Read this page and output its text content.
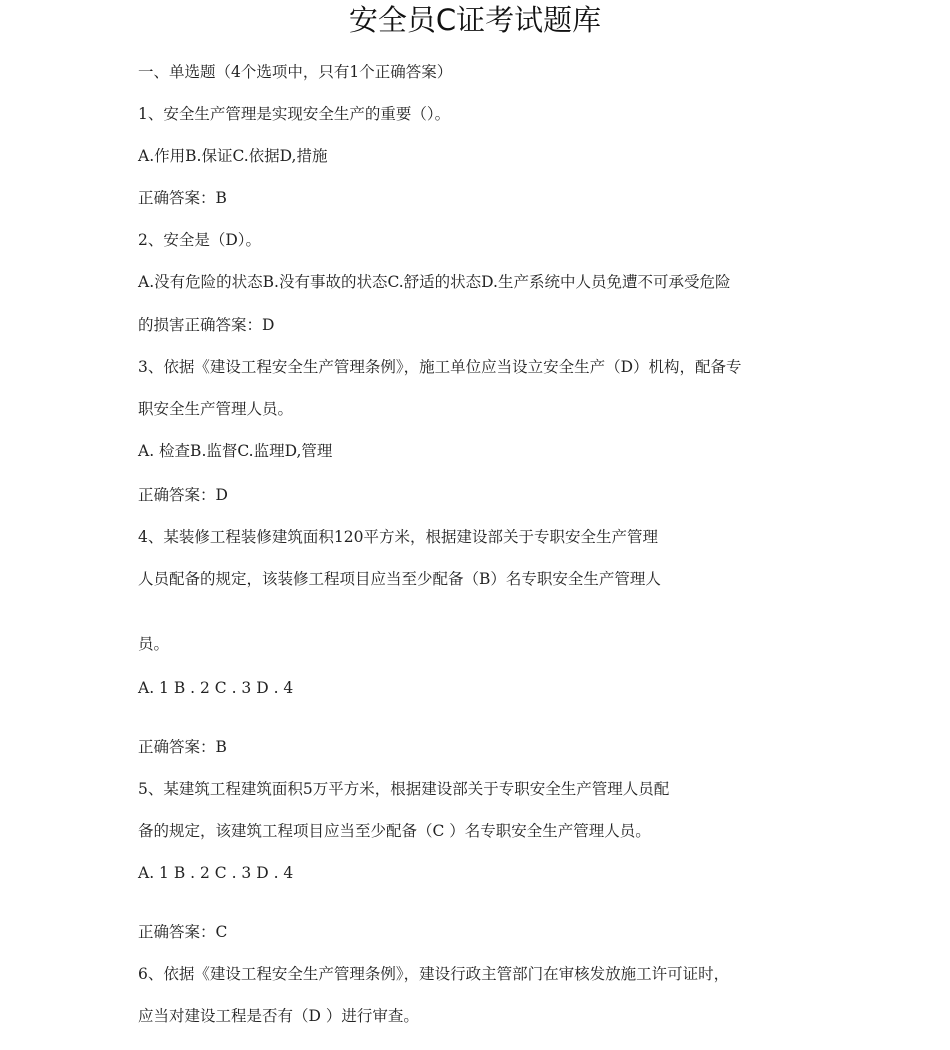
安全员C证考试题库
一、单选题（4个选项中，只有1个正确答案）
1、安全生产管理是实现安全生产的重要（）。
A.作用B.保证C.依据D,措施
正确答案：B
2、安全是（D）。
A.没有危险的状态B.没有事故的状态C.舒适的状态D.生产系统中人员免遭不可承受危险
的损害正确答案：D
3、依据《建设工程安全生产管理条例》，施工单位应当设立安全生产（D）机构，配备专
职安全生产管理人员。
A. 检查B.监督C.监理D,管理
正确答案：D
4、某装修工程装修建筑面积120平方米，根据建设部关于专职安全生产管理
人员配备的规定，该装修工程项目应当至少配备（B）名专职安全生产管理人
员。
A. 1 B . 2 C . 3 D . 4
正确答案：B
5、某建筑工程建筑面积5万平方米，根据建设部关于专职安全生产管理人员配
备的规定，该建筑工程项目应当至少配备（C ）名专职安全生产管理人员。
A. 1 B . 2 C . 3 D . 4
正确答案：C
6、依据《建设工程安全生产管理条例》，建设行政主管部门在审核发放施工许可证时，
应当对建设工程是否有（D ）进行审查。
